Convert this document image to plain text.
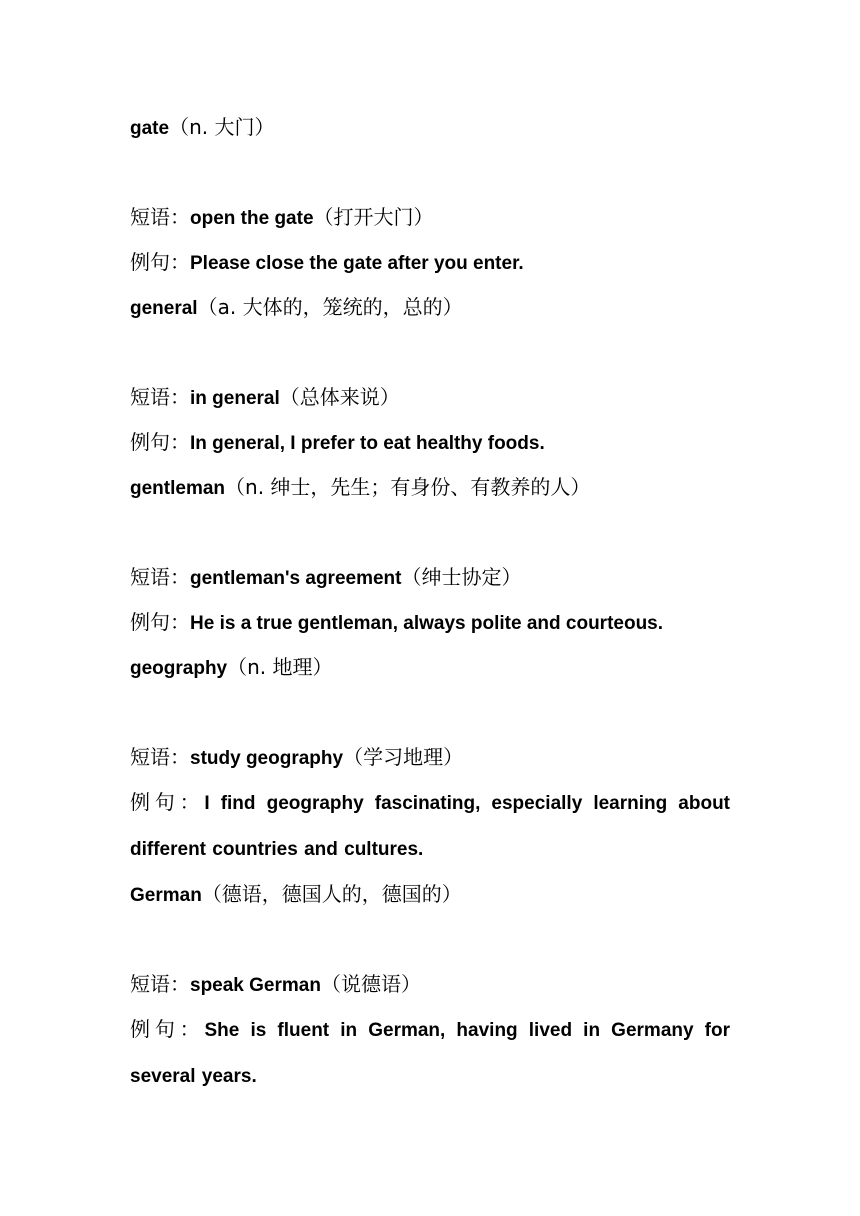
gate（n. 大门）
短语：open the gate（打开大门）
例句：Please close the gate after you enter.
general（a. 大体的，笼统的，总的）
短语：in general（总体来说）
例句：In general, I prefer to eat healthy foods.
gentleman（n. 绅士，先生；有身份、有教养的人）
短语：gentleman's agreement（绅士协定）
例句：He is a true gentleman, always polite and courteous.
geography（n. 地理）
短语：study geography（学习地理）
例句：I find geography fascinating, especially learning about different countries and cultures.
German（德语，德国人的，德国的）
短语：speak German（说德语）
例句：She is fluent in German, having lived in Germany for several years.
